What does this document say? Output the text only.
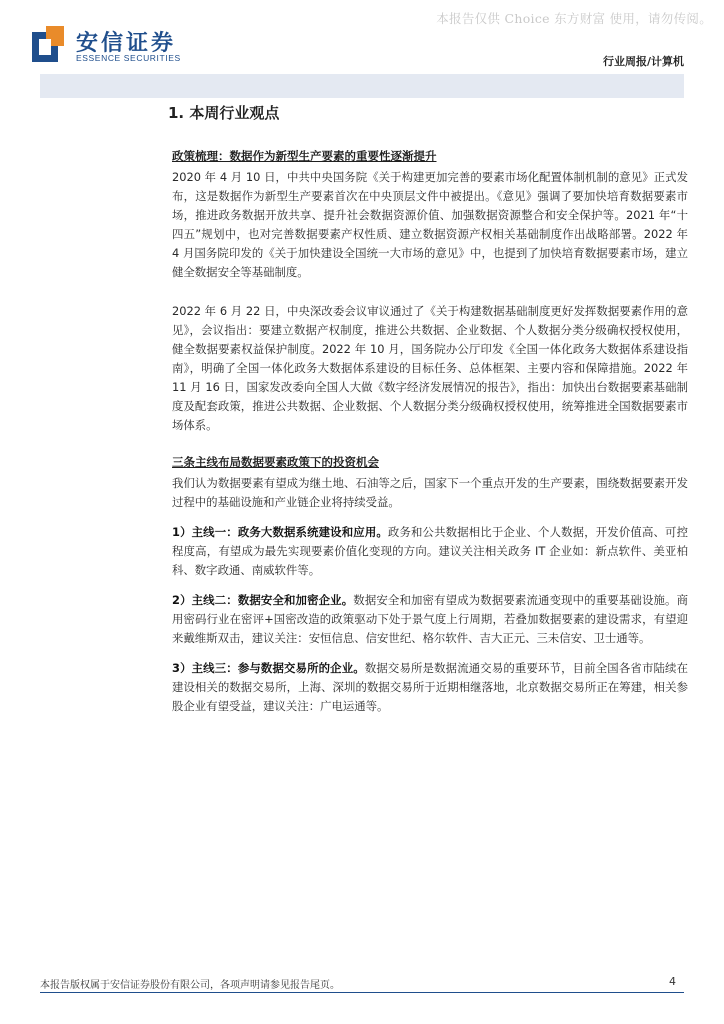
本报告仅供 Choice 东方财富 使用，请勿传阅。
安信证券
ESSENCE SECURITIES	行业周报/计算机
1. 本周行业观点
政策梳理：数据作为新型生产要素的重要性逐渐提升

2020 年 4 月 10 日，中共中央国务院《关于构建更加完善的要素市场化配置体制机制的意见》正式发布，这是数据作为新型生产要素首次在中央顶层文件中被提出。《意见》强调了要加快培育数据要素市场，推进政务数据开放共享、提升社会数据资源价值、加强数据资源整合和安全保护等。2021 年“十四五”规划中，也对完善数据要素产权性质、建立数据资源产权相关基础制度作出战略部署。2022 年 4 月国务院印发的《关于加快建设全国统一大市场的意见》中，也提到了加快培育数据要素市场，建立健全数据安全等基础制度。

2022 年 6 月 22 日，中央深改委会议审议通过了《关于构建数据基础制度更好发挥数据要素作用的意见》，会议指出：要建立数据产权制度，推进公共数据、企业数据、个人数据分类分级确权授权使用，健全数据要素权益保护制度。2022 年 10 月，国务院办公厅印发《全国一体化政务大数据体系建设指南》，明确了全国一体化政务大数据体系建设的目标任务、总体框架、主要内容和保障措施。2022 年 11 月 16 日，国家发改委向全国人大做《数字经济发展情况的报告》，指出：加快出台数据要素基础制度及配套政策，推进公共数据、企业数据、个人数据分类分级确权授权使用，统筹推进全国数据要素市场体系。

三条主线布局数据要素政策下的投资机会

我们认为数据要素有望成为继土地、石油等之后，国家下一个重点开发的生产要素，围绕数据要素开发过程中的基础设施和产业链企业将持续受益。

1）主线一：政务大数据系统建设和应用。政务和公共数据相比于企业、个人数据，开发价值高、可控程度高，有望成为最先实现要素价值化变现的方向。建议关注相关政务 IT 企业如：新点软件、美亚柏科、数字政通、南威软件等。

2）主线二：数据安全和加密企业。数据安全和加密有望成为数据要素流通变现中的重要基础设施。商用密码行业在密评+国密改造的政策驱动下处于景气度上行周期，若叠加数据要素的建设需求，有望迎来戴维斯双击，建议关注：安恒信息、信安世纪、格尔软件、吉大正元、三未信安、卫士通等。

3）主线三：参与数据交易所的企业。数据交易所是数据流通交易的重要环节，目前全国各省市陆续在建设相关的数据交易所，上海、深圳的数据交易所于近期相继落地，北京数据交易所正在筹建，相关参股企业有望受益，建议关注：广电运通等。

本报告版权属于安信证券股份有限公司，各项声明请参见报告尾页。	4
